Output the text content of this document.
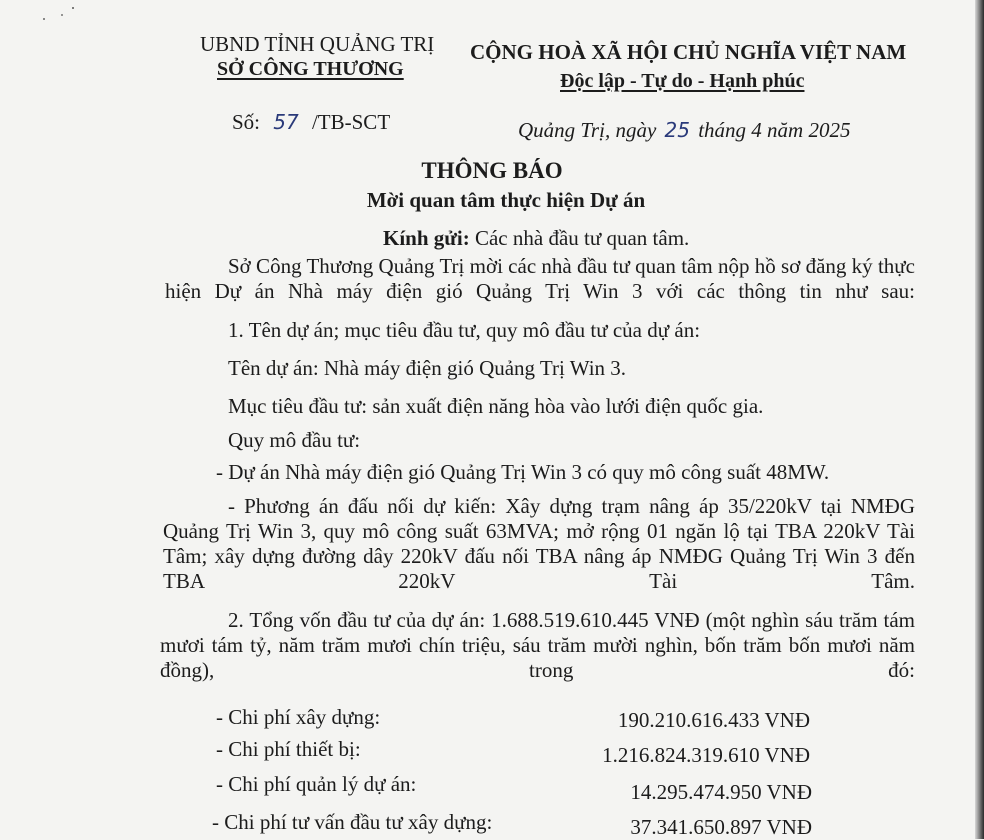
UBND TỈNH QUẢNG TRỊ
SỞ CÔNG THƯƠNG
CỘNG HOÀ XÃ HỘI CHỦ NGHĨA VIỆT NAM
Độc lập - Tự do - Hạnh phúc
Số: 57 /TB-SCT	Quảng Trị, ngày 25 tháng 4 năm 2025
THÔNG BÁO
Mời quan tâm thực hiện Dự án
Kính gửi: Các nhà đầu tư quan tâm.
Sở Công Thương Quảng Trị mời các nhà đầu tư quan tâm nộp hồ sơ đăng ký thực hiện Dự án Nhà máy điện gió Quảng Trị Win 3 với các thông tin như sau:
1. Tên dự án; mục tiêu đầu tư, quy mô đầu tư của dự án:
Tên dự án: Nhà máy điện gió Quảng Trị Win 3.
Mục tiêu đầu tư: sản xuất điện năng hòa vào lưới điện quốc gia.
Quy mô đầu tư:
- Dự án Nhà máy điện gió Quảng Trị Win 3 có quy mô công suất 48MW.
- Phương án đấu nối dự kiến: Xây dựng trạm nâng áp 35/220kV tại NMĐG Quảng Trị Win 3, quy mô công suất 63MVA; mở rộng 01 ngăn lộ tại TBA 220kV Tài Tâm; xây dựng đường dây 220kV đấu nối TBA nâng áp NMĐG Quảng Trị Win 3 đến TBA 220kV Tài Tâm.
2. Tổng vốn đầu tư của dự án: 1.688.519.610.445 VNĐ (một nghìn sáu trăm tám mươi tám tỷ, năm trăm mươi chín triệu, sáu trăm mười nghìn, bốn trăm bốn mươi năm đồng), trong đó:
- Chi phí xây dựng:	190.210.616.433 VNĐ
- Chi phí thiết bị:	1.216.824.319.610 VNĐ
- Chi phí quản lý dự án:	14.295.474.950 VNĐ
- Chi phí tư vấn đầu tư xây dựng:	37.341.650.897 VNĐ
